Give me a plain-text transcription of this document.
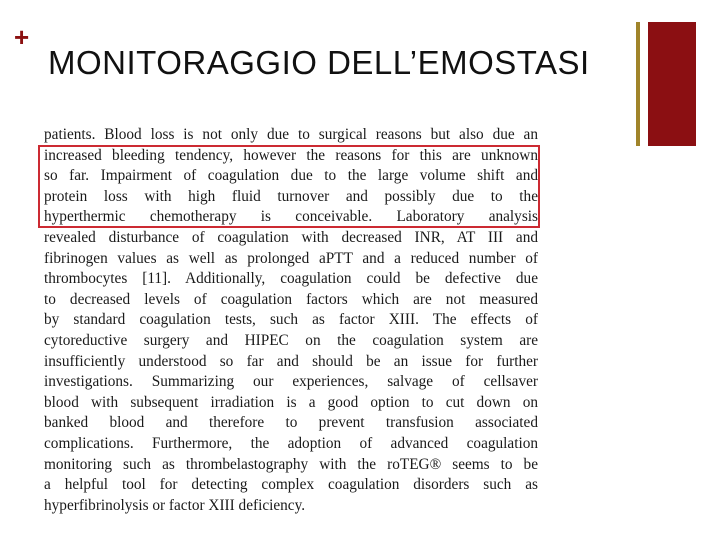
+
MONITORAGGIO DELL’EMOSTASI
patients. Blood loss is not only due to surgical reasons but also due an
increased bleeding tendency, however the reasons for this are unknown
so far. Impairment of coagulation due to the large volume shift and
protein loss with high fluid turnover and possibly due to the
hyperthermic chemotherapy is conceivable. Laboratory analysis
revealed disturbance of coagulation with decreased INR, AT III and
fibrinogen values as well as prolonged aPTT and a reduced number of
thrombocytes [11]. Additionally, coagulation could be defective due
to decreased levels of coagulation factors which are not measured
by standard coagulation tests, such as factor XIII. The effects of
cytoreductive surgery and HIPEC on the coagulation system are
insufficiently understood so far and should be an issue for further
investigations. Summarizing our experiences, salvage of cellsaver
blood with subsequent irradiation is a good option to cut down on
banked blood and therefore to prevent transfusion associated
complications. Furthermore, the adoption of advanced coagulation
monitoring such as thrombelastography with the roTEG® seems to be
a helpful tool for detecting complex coagulation disorders such as
hyperfibrinolysis or factor XIII deficiency.
